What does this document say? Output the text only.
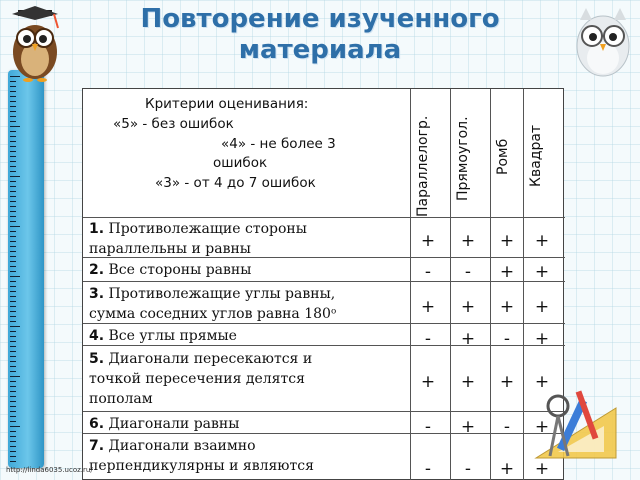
Повторение изученного материала
Критерии оценивания:
«5» - без ошибок
«4» - не более 3
ошибок
«3» - от 4 до 7 ошибок	Параллелогр. Прямоугол. Ромб Квадрат
1. Противолежащие стороны
параллельны и равны	+	+	+	+
2. Все стороны равны	-	-	+	+
3. Противолежащие углы равны,
сумма соседних углов равна 180ᵒ	+	+	+	+
4. Все углы прямые	-	+	-	+
5. Диагонали пересекаются и
точкой пересечения делятся
пополам
+	+	+	+
6. Диагонали равны	-	+	-	+
7. Диагонали взаимно
перпендикулярны и являются	-	-	+	+
http://linda6035.ucoz.ru/
